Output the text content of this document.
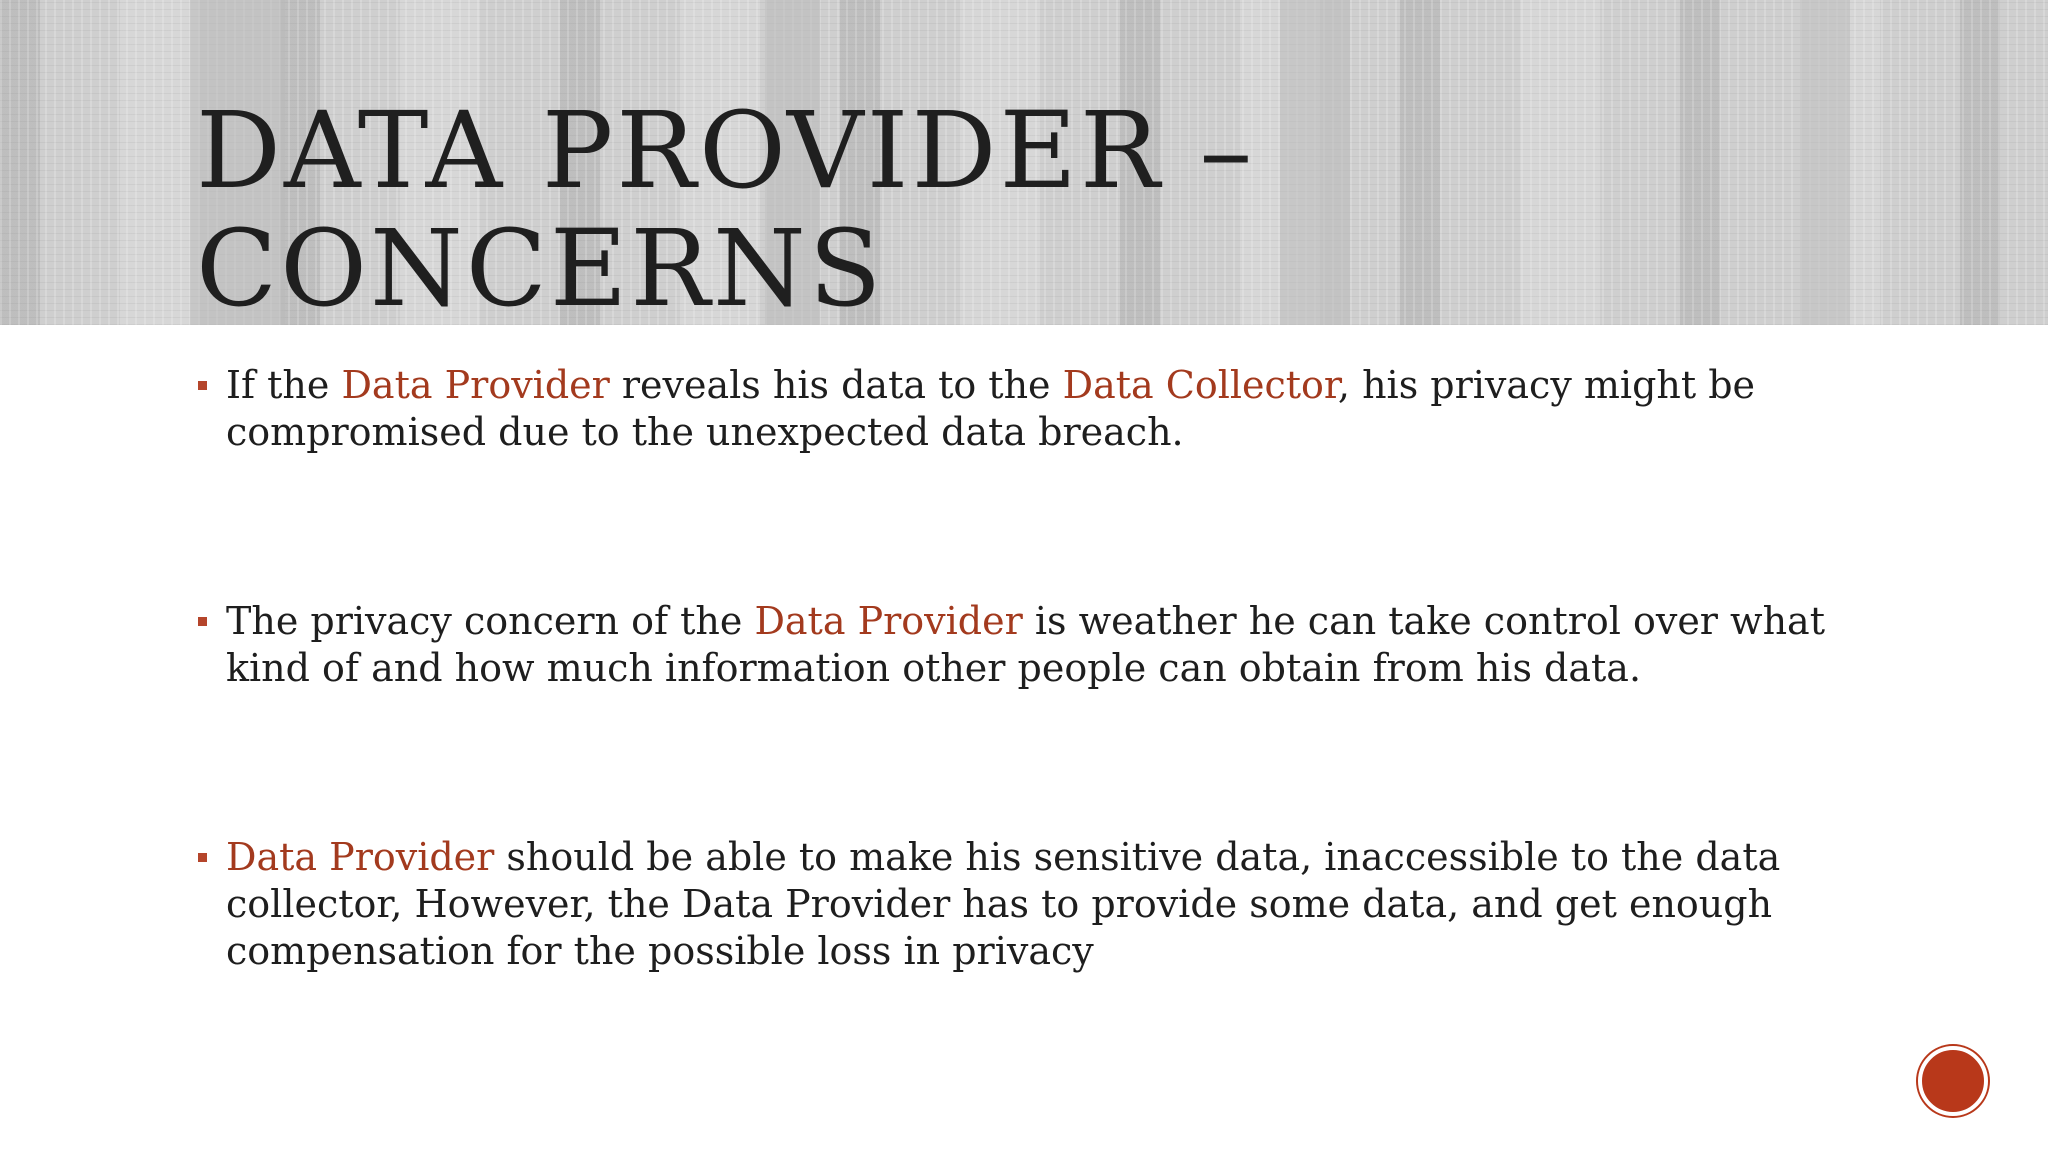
DATA PROVIDER –
CONCERNS
If the Data Provider reveals his data to the Data Collector, his privacy might be compromised due to the unexpected data breach.
The privacy concern of the Data Provider is weather he can take control over what kind of and how much information other people can obtain from his data.
Data Provider should be able to make his sensitive data, inaccessible to the data collector, However, the Data Provider has to provide some data, and get enough compensation for the possible loss in privacy
